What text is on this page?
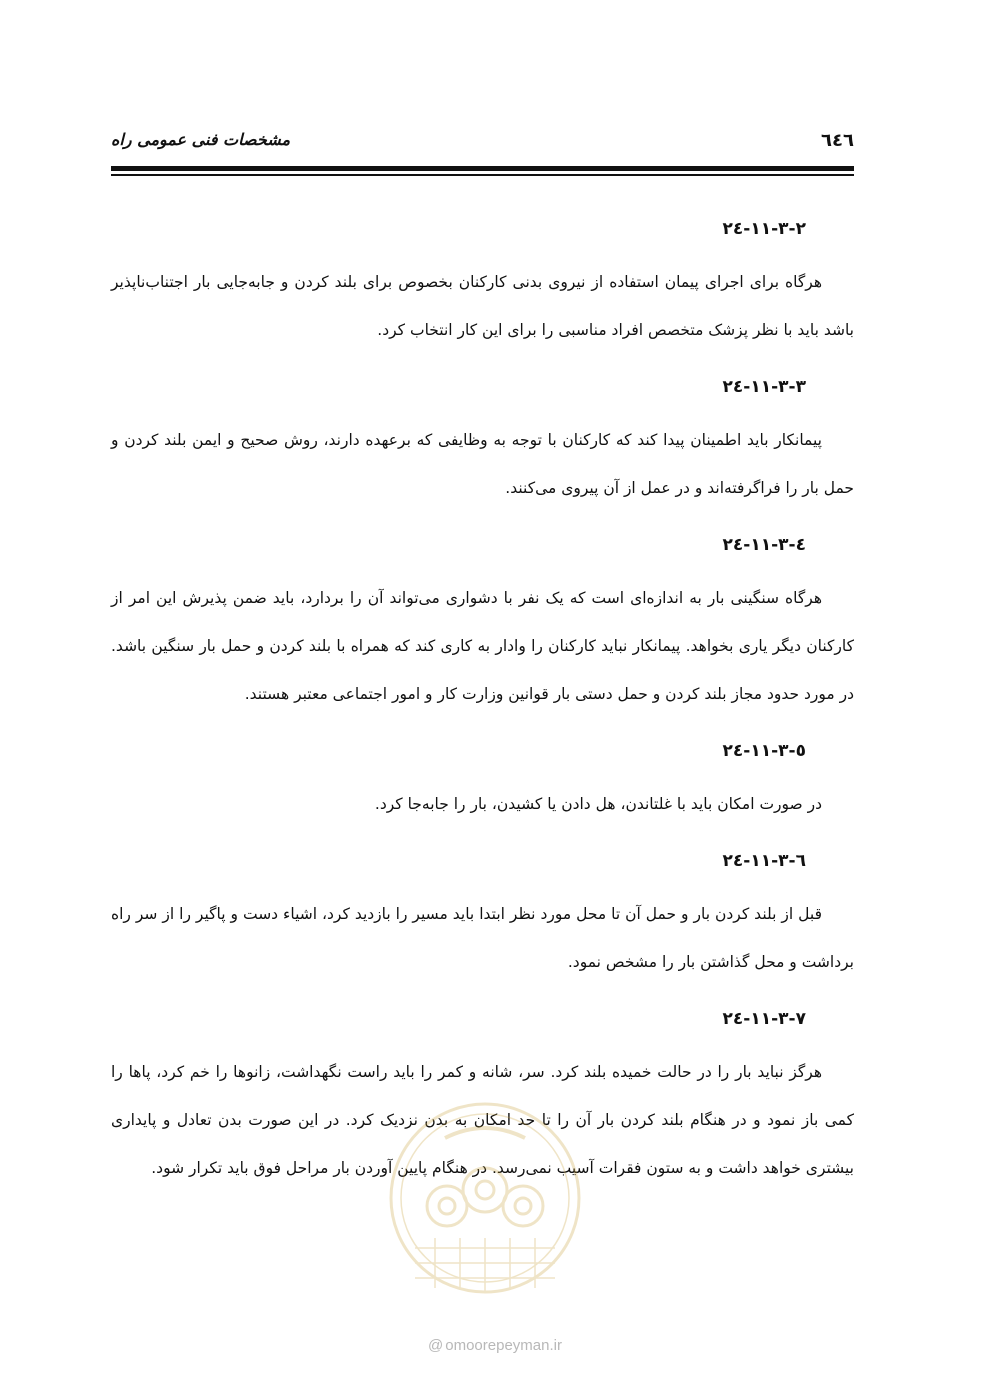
٦٤٦
مشخصات فنی عمومی راه
٢-٣-١١-٢٤

هرگاه برای اجرای پیمان استفاده از نیروی بدنی کارکنان بخصوص برای بلند کردن و جابه‌جایی بار اجتناب‌ناپذیر باشد باید با نظر پزشک متخصص افراد مناسبی را برای این کار انتخاب کرد.

٣-٣-١١-٢٤

پیمانکار باید اطمینان پیدا کند که کارکنان با توجه به وظایفی که برعهده دارند، روش صحیح و ایمن بلند کردن و حمل بار را فراگرفته‌اند و در عمل از آن پیروی می‌کنند.

٤-٣-١١-٢٤

هرگاه سنگینی بار به اندازه‌ای است که یک نفر با دشواری می‌تواند آن را بردارد، باید ضمن پذیرش این امر از کارکنان دیگر یاری بخواهد. پیمانکار نباید کارکنان را وادار به کاری کند که همراه با بلند کردن و حمل بار سنگین باشد. در مورد حدود مجاز بلند کردن و حمل دستی بار قوانین وزارت کار و امور اجتماعی معتبر هستند.

٥-٣-١١-٢٤

در صورت امکان باید با غلتاندن، هل دادن یا کشیدن، بار را جابه‌جا کرد.

٦-٣-١١-٢٤

قبل از بلند کردن بار و حمل آن تا محل مورد نظر ابتدا باید مسیر را بازدید کرد، اشیاء دست و پاگیر را از سر راه برداشت و محل گذاشتن بار را مشخص نمود.

٧-٣-١١-٢٤

هرگز نباید بار را در حالت خمیده بلند کرد. سر، شانه و کمر را باید راست نگهداشت، زانوها را خم کرد، پاها را کمی باز نمود و در هنگام بلند کردن بار آن را تا حد امکان به بدن نزدیک کرد. در این صورت بدن تعادل و پایداری بیشتری خواهد داشت و به ستون فقرات آسیب نمی‌رسد. در هنگام پایین آوردن بار مراحل فوق باید تکرار شود.

@ omoorepeyman.ir
